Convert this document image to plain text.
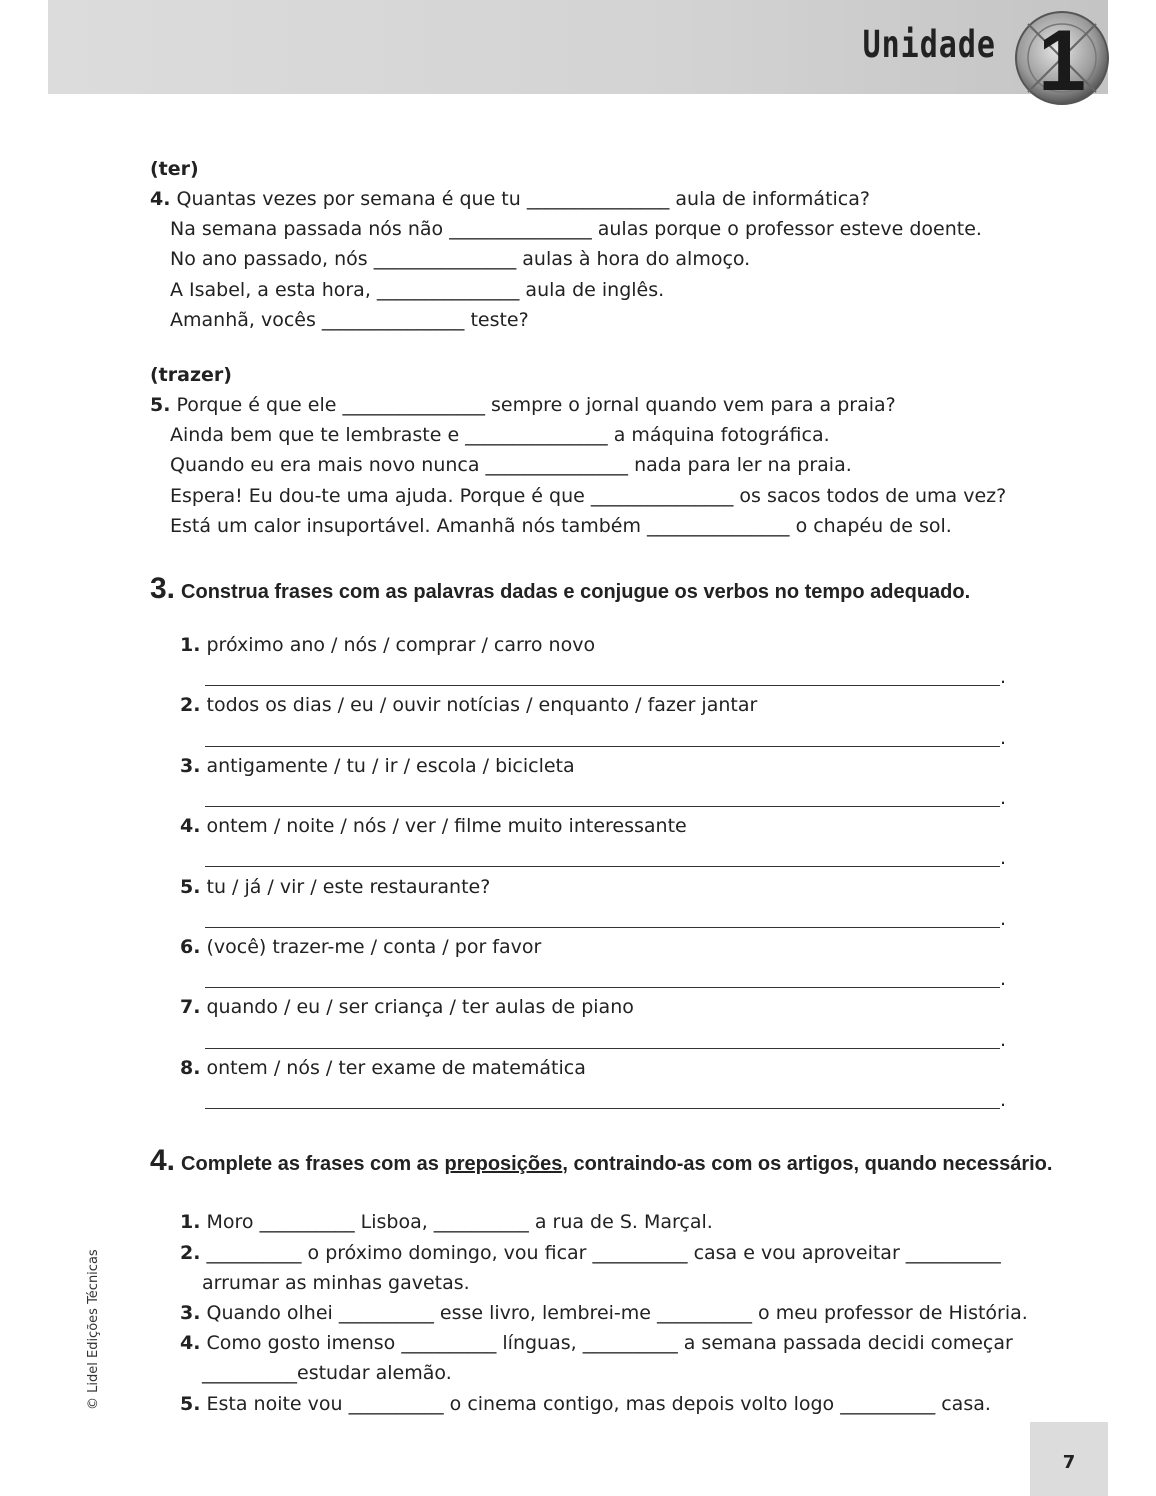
Unidade 1
(ter)
4. Quantas vezes por semana é que tu _______________ aula de informática?
Na semana passada nós não _______________ aulas porque o professor esteve doente.
No ano passado, nós _______________ aulas à hora do almoço.
A Isabel, a esta hora, _______________ aula de inglês.
Amanhã, vocês _______________ teste?
(trazer)
5. Porque é que ele _______________ sempre o jornal quando vem para a praia?
Ainda bem que te lembraste e _______________ a máquina fotográfica.
Quando eu era mais novo nunca _______________ nada para ler na praia.
Espera! Eu dou-te uma ajuda. Porque é que _______________ os sacos todos de uma vez?
Está um calor insuportável. Amanhã nós também _______________ o chapéu de sol.
3. Construa frases com as palavras dadas e conjugue os verbos no tempo adequado.
1. próximo ano / nós / comprar / carro novo
.
2. todos os dias / eu / ouvir notícias / enquanto / fazer jantar
.
3. antigamente / tu / ir / escola / bicicleta
.
4. ontem / noite / nós / ver / filme muito interessante
.
5. tu / já / vir / este restaurante?
.
6. (você) trazer-me / conta / por favor
.
7. quando / eu / ser criança / ter aulas de piano
.
8. ontem / nós / ter exame de matemática
.
4. Complete as frases com as preposições, contraindo-as com os artigos, quando necessário.
1. Moro __________ Lisboa, __________ a rua de S. Marçal.
2. __________ o próximo domingo, vou ficar __________ casa e vou aproveitar __________
arrumar as minhas gavetas.
3. Quando olhei __________ esse livro, lembrei-me __________ o meu professor de História.
4. Como gosto imenso __________ línguas, __________ a semana passada decidi começar
__________estudar alemão.
5. Esta noite vou __________ o cinema contigo, mas depois volto logo __________ casa.
© Lidel Edições Técnicas
7
